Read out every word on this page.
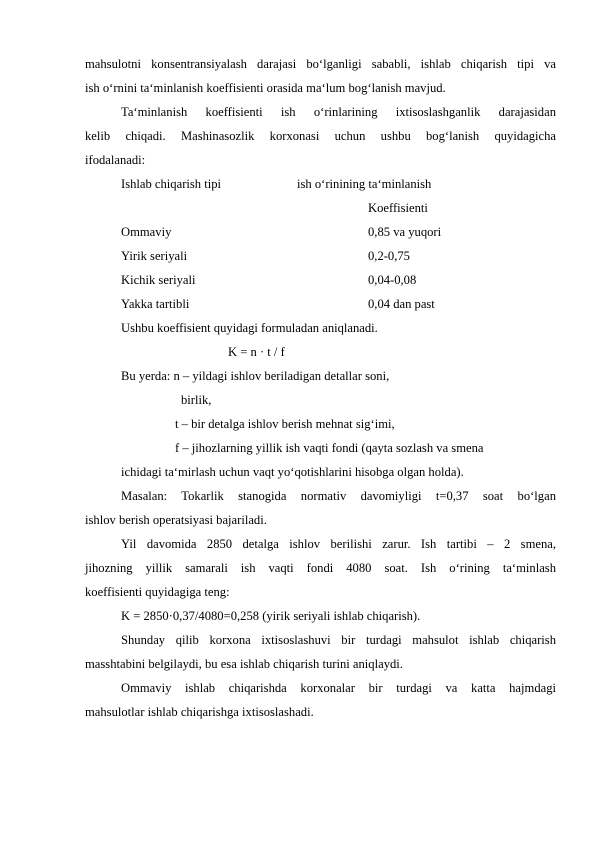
mahsulotni konsentransiyalash darajasi bo‘lganligi sababli, ishlab chiqarish tipi va
ish o‘rnini ta‘minlanish koeffisienti orasida ma‘lum bog‘lanish mavjud.
Ta‘minlanish koeffisienti ish o‘rinlarining ixtisoslashganlik darajasidan
kelib chiqadi. Mashinasozlik korxonasi uchun ushbu bog‘lanish quyidagicha
ifodalanadi:
Ishlab chiqarish tipi	ish o‘rinining ta‘minlanish
Koeffisienti
Ommaviy	0,85 va yuqori
Yirik seriyali	0,2-0,75
Kichik seriyali	0,04-0,08
Yakka tartibli	0,04 dan past
Ushbu koeffisient quyidagi formuladan aniqlanadi.
K = n · t / f
Bu yerda: n – yildagi ishlov beriladigan detallar soni,
birlik,
t – bir detalga ishlov berish mehnat sig‘imi,
f – jihozlarning yillik ish vaqti fondi (qayta sozlash va smena
ichidagi ta‘mirlash uchun vaqt yo‘qotishlarini hisobga olgan holda).
Masalan: Tokarlik stanogida normativ davomiyligi t=0,37 soat bo‘lgan
ishlov berish operatsiyasi bajariladi.
Yil davomida 2850 detalga ishlov berilishi zarur. Ish tartibi – 2 smena,
jihozning yillik samarali ish vaqti fondi 4080 soat. Ish o‘rining ta‘minlash
koeffisienti quyidagiga teng:
K = 2850·0,37/4080=0,258 (yirik seriyali ishlab chiqarish).
Shunday qilib korxona ixtisoslashuvi bir turdagi mahsulot ishlab chiqarish
masshtabini belgilaydi, bu esa ishlab chiqarish turini aniqlaydi.
Ommaviy ishlab chiqarishda korxonalar bir turdagi va katta hajmdagi
mahsulotlar ishlab chiqarishga ixtisoslashadi.
